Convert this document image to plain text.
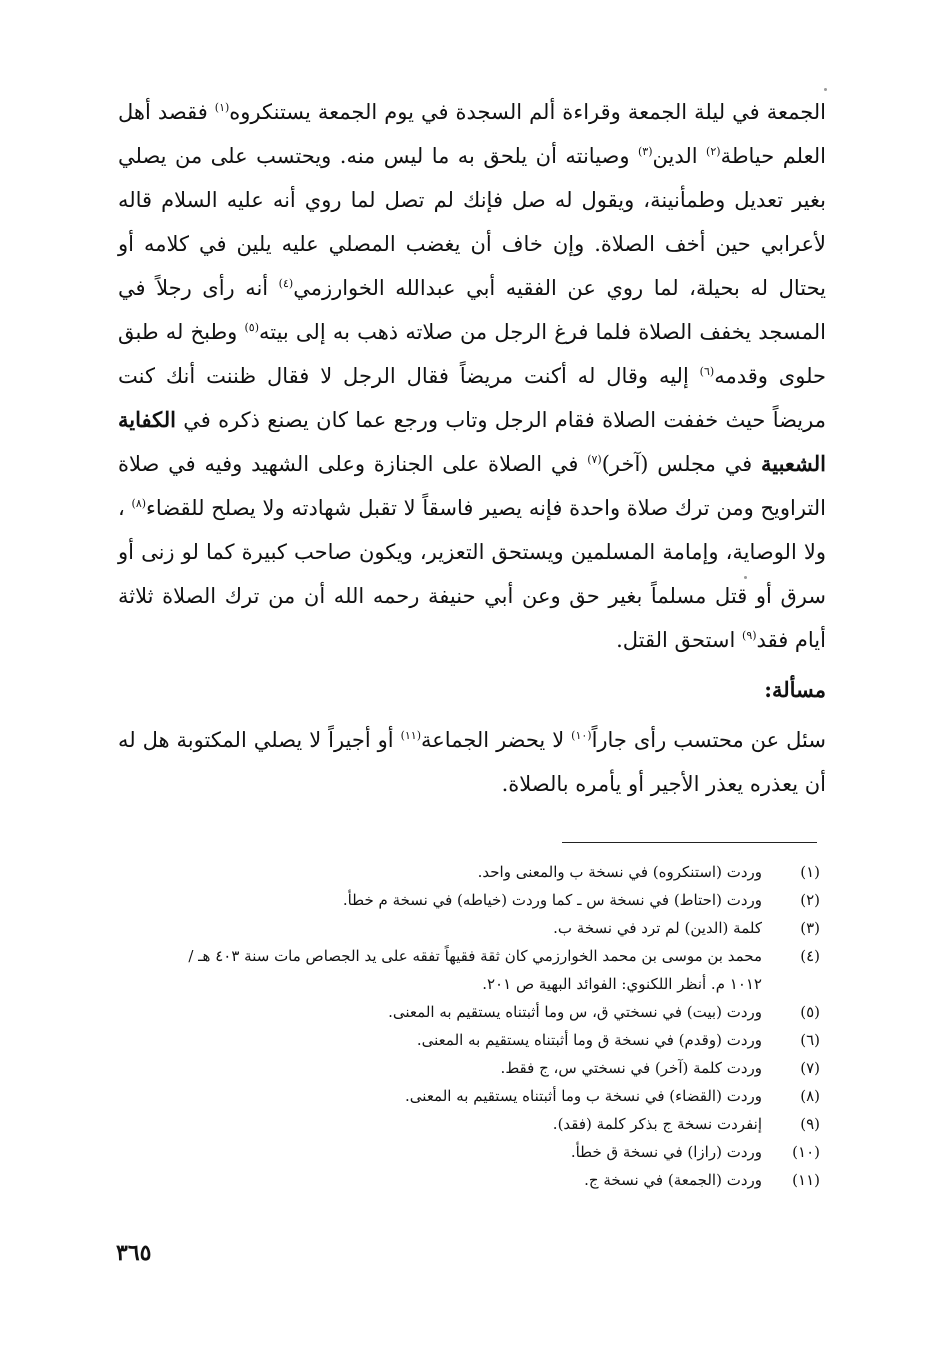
الجمعة في ليلة الجمعة وقراءة ألم السجدة في يوم الجمعة يستنكروه$^{(١)}$ فقصد أهل العلم حياطة$^{(٢)}$ الدين$^{(٣)}$ وصيانته أن يلحق به ما ليس منه. ويحتسب على من يصلي بغير تعديل وطمأنينة، ويقول له صل فإنك لم تصل لما روي أنه عليه السلام قاله لأعرابي حين أخف الصلاة. وإن خاف أن يغضب المصلي عليه يلين في كلامه أو يحتال له بحيلة، لما روي عن الفقيه أبي عبدالله الخوارزمي$^{(٤)}$ أنه رأى رجلاً في المسجد يخفف الصلاة فلما فرغ الرجل من صلاته ذهب به إلى بيته$^{(٥)}$ وطبخ له طبق حلوى وقدمه$^{(٦)}$ إليه وقال له أكنت مريضاً فقال الرجل لا فقال ظننت أنك كنت مريضاً حيث خففت الصلاة فقام الرجل وتاب ورجع عما كان يصنع ذكره في الكفاية الشعبية في مجلس (آخر)$^{(٧)}$ في الصلاة على الجنازة وعلى الشهيد وفيه في صلاة التراويح ومن ترك صلاة واحدة فإنه يصير فاسقاً لا تقبل شهادته ولا يصلح للقضاء$^{(٨)}$ ، ولا الوصاية، وإمامة المسلمين ويستحق التعزير، ويكون صاحب كبيرة كما لو زنى أو سرق أو قتل مسلماً بغير حق وعن أبي حنيفة رحمه الله أن من ترك الصلاة ثلاثة أيام فقد$^{(٩)}$ استحق القتل.

مسألة:

سئل عن محتسب رأى جاراً$^{(١٠)}$ لا يحضر الجماعة$^{(١١)}$ أو أجيراً لا يصلي المكتوبة هل له أن يعذره يعذر الأجير أو يأمره بالصلاة.

(١)
وردت (استنكروه) في نسخة ب والمعنى واحد.
(٢)
وردت (احتاط) في نسخة س ـ كما وردت (خياطه) في نسخة م خطأ.
(٣)
كلمة (الدين) لم ترد في نسخة ب.
(٤)
محمد بن موسى بن محمد الخوارزمي كان ثقة فقيهاً تفقه على يد الجصاص مات سنة ٤٠٣ هـ / ١٠١٢ م. أنظر اللكنوي: الفوائد البهية ص ٢٠١.
(٥)
وردت (بيت) في نسختي ق، س وما أثبتناه يستقيم به المعنى.
(٦)
وردت (وقدم) في نسخة ق وما أثبتناه يستقيم به المعنى.
(٧)
وردت كلمة (آخر) في نسختي س، ج فقط.
(٨)
وردت (القضاء) في نسخة ب وما أثبتناه يستقيم به المعنى.
(٩)
إنفردت نسخة ج بذكر كلمة (فقد).
(١٠)
وردت (رازا) في نسخة ق خطأ.
(١١)
وردت (الجمعة) في نسخة ج.
٣٦٥
